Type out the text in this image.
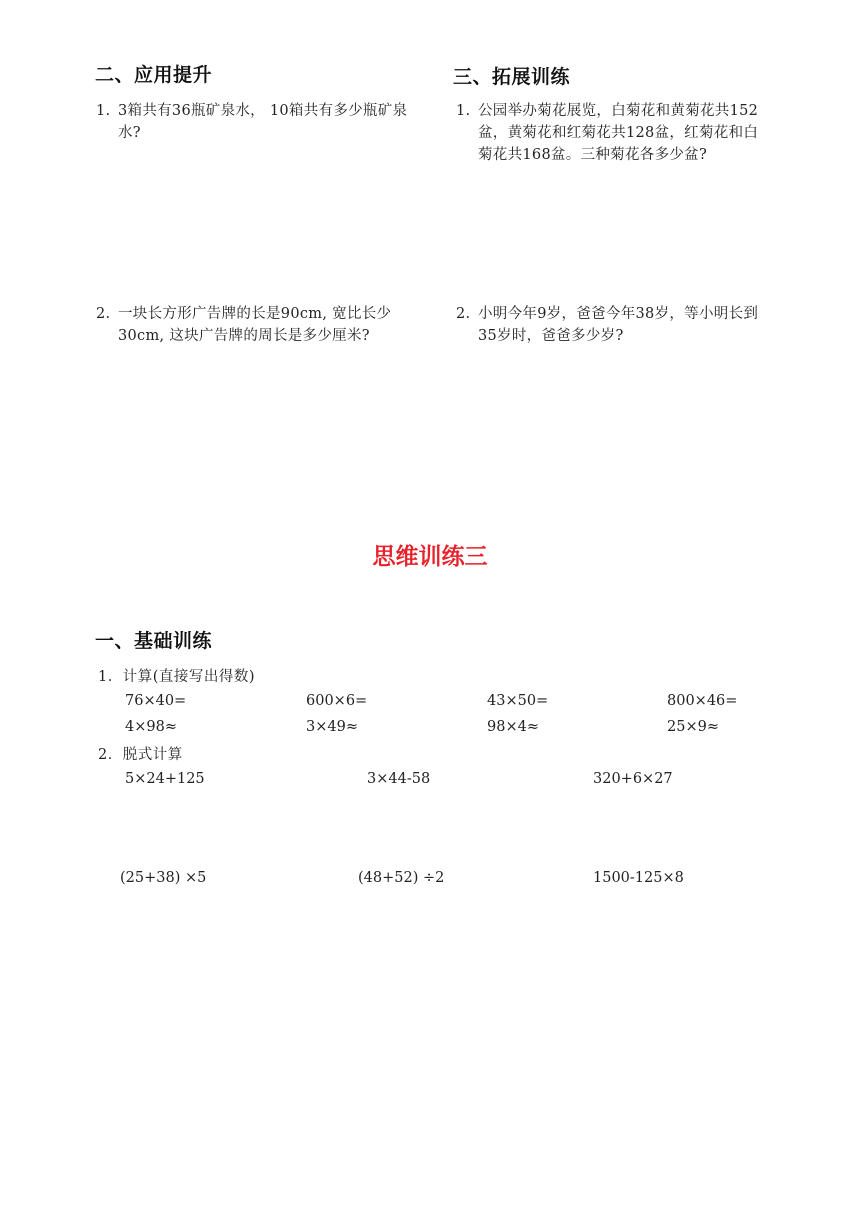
二、应用提升
1. 3箱共有36瓶矿泉水， 10箱共有多少瓶矿泉水?
2. 一块长方形广告牌的长是90cm, 宽比长少30cm, 这块广告牌的周长是多少厘米?
三、拓展训练
1. 公园举办菊花展览，白菊花和黄菊花共152盆，黄菊花和红菊花共128盆，红菊花和白菊花共168盆。三种菊花各多少盆?
2. 小明今年9岁，爸爸今年38岁，等小明长到35岁时，爸爸多少岁?
思维训练三
一、基础训练
1．计算(直接写出得数)
76×40=	600×6=	43×50=	800×46=
4×98≈	3×49≈	98×4≈	25×9≈
2．脱式计算
5×24+125	3×44-58	320+6×27
(25+38) ×5	(48+52) ÷2	1500-125×8
